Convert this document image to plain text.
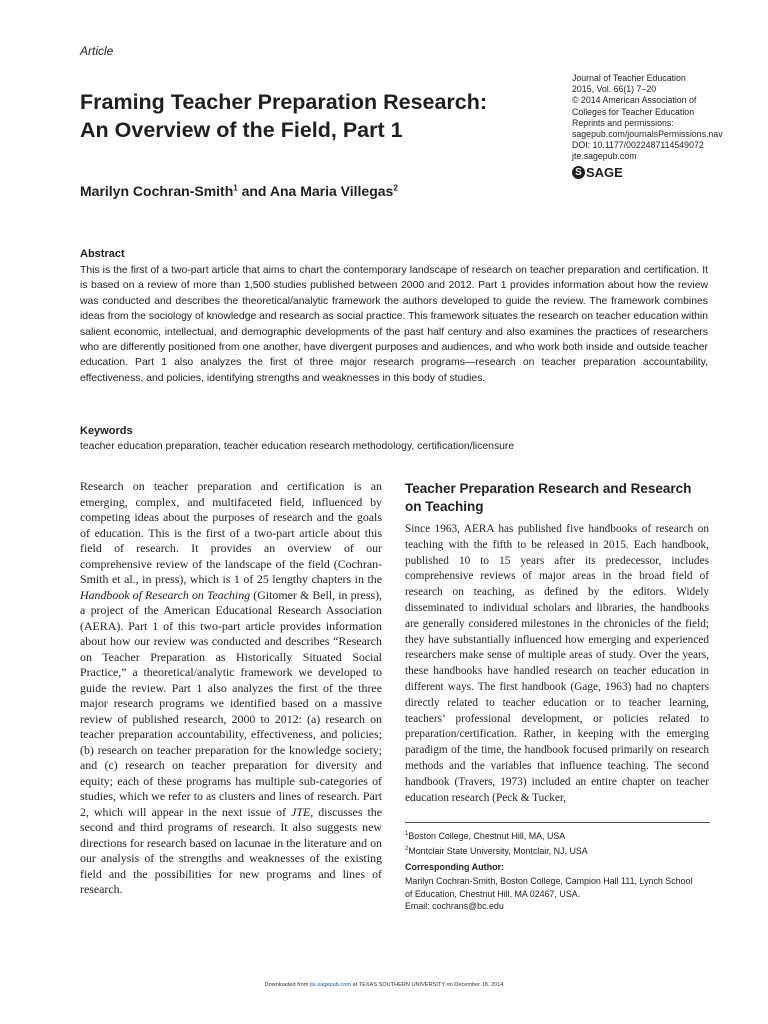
Article
Framing Teacher Preparation Research:
An Overview of the Field, Part 1
Journal of Teacher Education
2015, Vol. 66(1) 7–20
© 2014 American Association of
Colleges for Teacher Education
Reprints and permissions:
sagepub.com/journalsPermissions.nav
DOI: 10.1177/0022487114549072
jte.sagepub.com
S SAGE
Marilyn Cochran-Smith$^1$ and Ana Maria Villegas$^2$
Abstract
This is the first of a two-part article that aims to chart the contemporary landscape of research on teacher preparation and certification. It is based on a review of more than 1,500 studies published between 2000 and 2012. Part 1 provides information about how the review was conducted and describes the theoretical/analytic framework the authors developed to guide the review. The framework combines ideas from the sociology of knowledge and research as social practice. This framework situates the research on teacher education within salient economic, intellectual, and demographic developments of the past half century and also examines the practices of researchers who are differently positioned from one another, have divergent purposes and audiences, and who work both inside and outside teacher education. Part 1 also analyzes the first of three major research programs—research on teacher preparation accountability, effectiveness, and policies, identifying strengths and weaknesses in this body of studies.
Keywords
teacher education preparation, teacher education research methodology, certification/licensure
Research on teacher preparation and certification is an emerging, complex, and multifaceted field, influenced by competing ideas about the purposes of research and the goals of education. This is the first of a two-part article about this field of research. It provides an overview of our comprehensive review of the landscape of the field (Cochran-Smith et al., in press), which is 1 of 25 lengthy chapters in the Handbook of Research on Teaching (Gitomer & Bell, in press), a project of the American Educational Research Association (AERA). Part 1 of this two-part article provides information about how our review was conducted and describes “Research on Teacher Preparation as Historically Situated Social Practice,” a theoretical/analytic framework we developed to guide the review. Part 1 also analyzes the first of the three major research programs we identified based on a massive review of published research, 2000 to 2012: (a) research on teacher preparation accountability, effectiveness, and policies; (b) research on teacher preparation for the knowledge society; and (c) research on teacher preparation for diversity and equity; each of these programs has multiple sub-categories of studies, which we refer to as clusters and lines of research. Part 2, which will appear in the next issue of JTE, discusses the second and third programs of research. It also suggests new directions for research based on lacunae in the literature and on our analysis of the strengths and weaknesses of the existing field and the possibilities for new programs and lines of research.
Teacher Preparation Research and Research on Teaching
Since 1963, AERA has published five handbooks of research on teaching with the fifth to be released in 2015. Each handbook, published 10 to 15 years after its predecessor, includes comprehensive reviews of major areas in the broad field of research on teaching, as defined by the editors. Widely disseminated to individual scholars and libraries, the handbooks are generally considered milestones in the chronicles of the field; they have substantially influenced how emerging and experienced researchers make sense of multiple areas of study. Over the years, these handbooks have handled research on teacher education in different ways. The first handbook (Gage, 1963) had no chapters directly related to teacher education or to teacher learning, teachers’ professional development, or policies related to preparation/certification. Rather, in keeping with the emerging paradigm of the time, the handbook focused primarily on research methods and the variables that influence teaching. The second handbook (Travers, 1973) included an entire chapter on teacher education research (Peck & Tucker,
$^1$Boston College, Chestnut Hill, MA, USA
$^2$Montclair State University, Montclair, NJ, USA
Corresponding Author:
Marilyn Cochran-Smith, Boston College, Campion Hall 111, Lynch School
of Education, Chestnut Hill, MA 02467, USA.
Email: cochrans@bc.edu
Downloaded from jte.sagepub.com at TEXAS SOUTHERN UNIVERSITY on December 18, 2014
